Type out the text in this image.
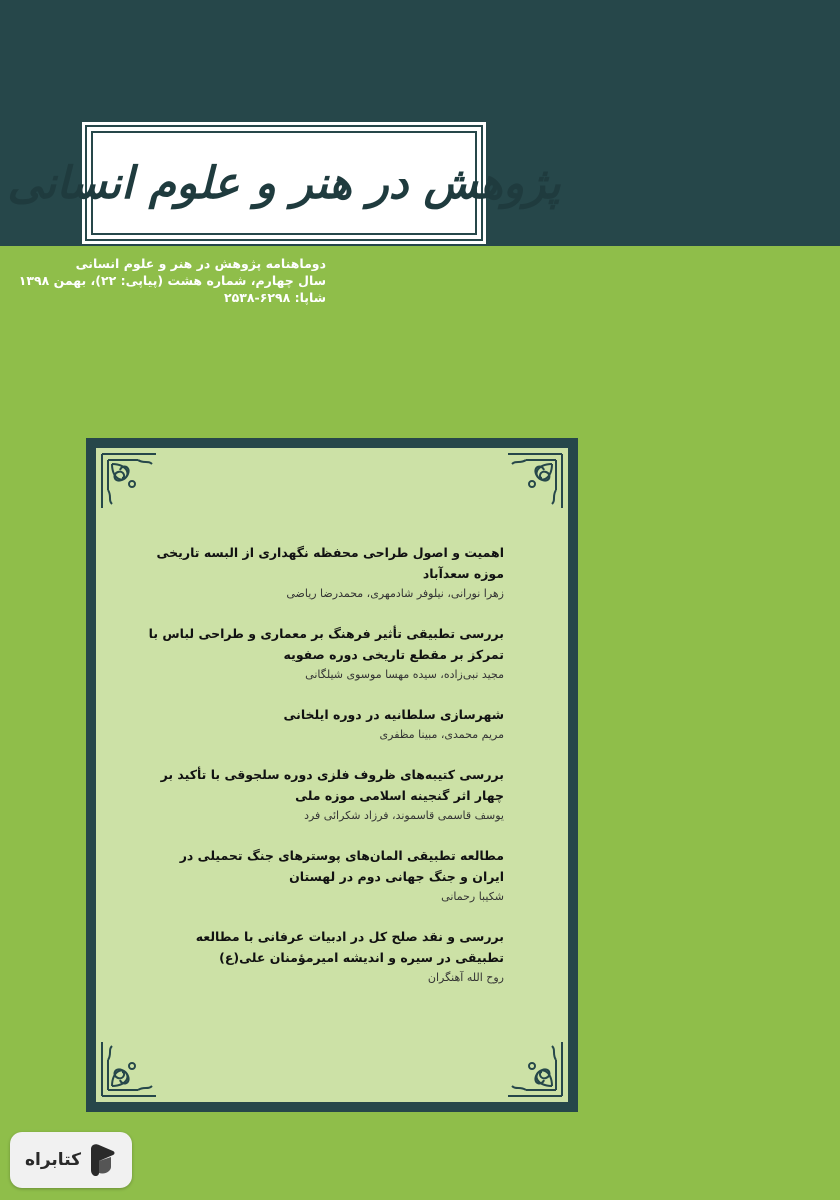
پژوهش در هنر و علوم انسانی
دوماهنامه پژوهش در هنر و علوم انسانی
سال چهارم، شماره هشت (پیاپی: ۲۲)، بهمن ۱۳۹۸
شاپا: ۶۲۹۸-۲۵۳۸
اهمیت و اصول طراحی محفظه نگهداری از البسه تاریخی موزه سعدآباد
زهرا نورانی، نیلوفر شادمهری، محمدرضا ریاضی
بررسی تطبیقی تأثیر فرهنگ بر معماری و طراحی لباس با تمرکز بر مقطع تاریخی دوره صفویه
مجید نبی‌زاده، سیده مهسا موسوی شیلگانی
شهرسازی سلطانیه در دوره ایلخانی
مریم محمدی، مبینا مظفری
بررسی کتیبه‌های ظروف فلزی دوره سلجوقی با تأکید بر چهار اثر گنجینه اسلامی موزه ملی
یوسف قاسمی قاسموند، فرزاد شکرائی فرد
مطالعه تطبیقی المان‌های پوسترهای جنگ تحمیلی در ایران و جنگ جهانی دوم در لهستان
شکیبا رحمانی
بررسی و نقد صلح کل در ادبیات عرفانی با مطالعه تطبیقی در سیره و اندیشه امیرمؤمنان علی(ع)
روح الله آهنگران
کتابراه
